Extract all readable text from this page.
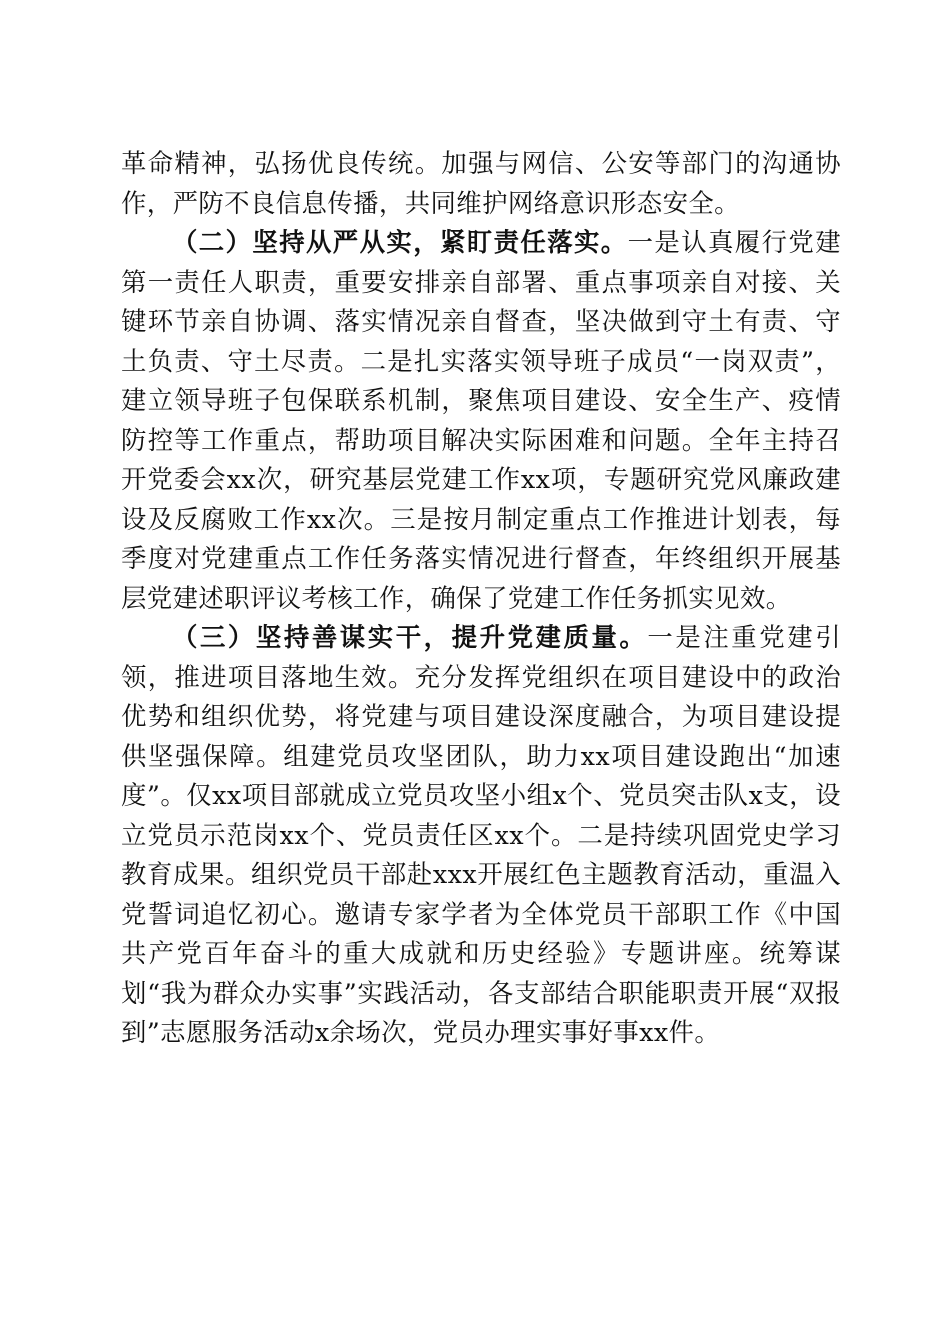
革命精神，弘扬优良传统。加强与网信、公安等部门的沟通协作，严防不良信息传播，共同维护网络意识形态安全。

（二）坚持从严从实，紧盯责任落实。一是认真履行党建第一责任人职责，重要安排亲自部署、重点事项亲自对接、关键环节亲自协调、落实情况亲自督查，坚决做到守土有责、守土负责、守土尽责。二是扎实落实领导班子成员“一岗双责”，建立领导班子包保联系机制，聚焦项目建设、安全生产、疫情防控等工作重点，帮助项目解决实际困难和问题。全年主持召开党委会xx次，研究基层党建工作xx项，专题研究党风廉政建设及反腐败工作xx次。三是按月制定重点工作推进计划表，每季度对党建重点工作任务落实情况进行督查，年终组织开展基层党建述职评议考核工作，确保了党建工作任务抓实见效。

（三）坚持善谋实干，提升党建质量。一是注重党建引领，推进项目落地生效。充分发挥党组织在项目建设中的政治优势和组织优势，将党建与项目建设深度融合，为项目建设提供坚强保障。组建党员攻坚团队，助力xx项目建设跑出“加速度”。仅xx项目部就成立党员攻坚小组x个、党员突击队x支，设立党员示范岗xx个、党员责任区xx个。二是持续巩固党史学习教育成果。组织党员干部赴xxx开展红色主题教育活动，重温入党誓词追忆初心。邀请专家学者为全体党员干部职工作《中国共产党百年奋斗的重大成就和历史经验》专题讲座。统筹谋划“我为群众办实事”实践活动，各支部结合职能职责开展“双报到”志愿服务活动x余场次，党员办理实事好事xx件。
